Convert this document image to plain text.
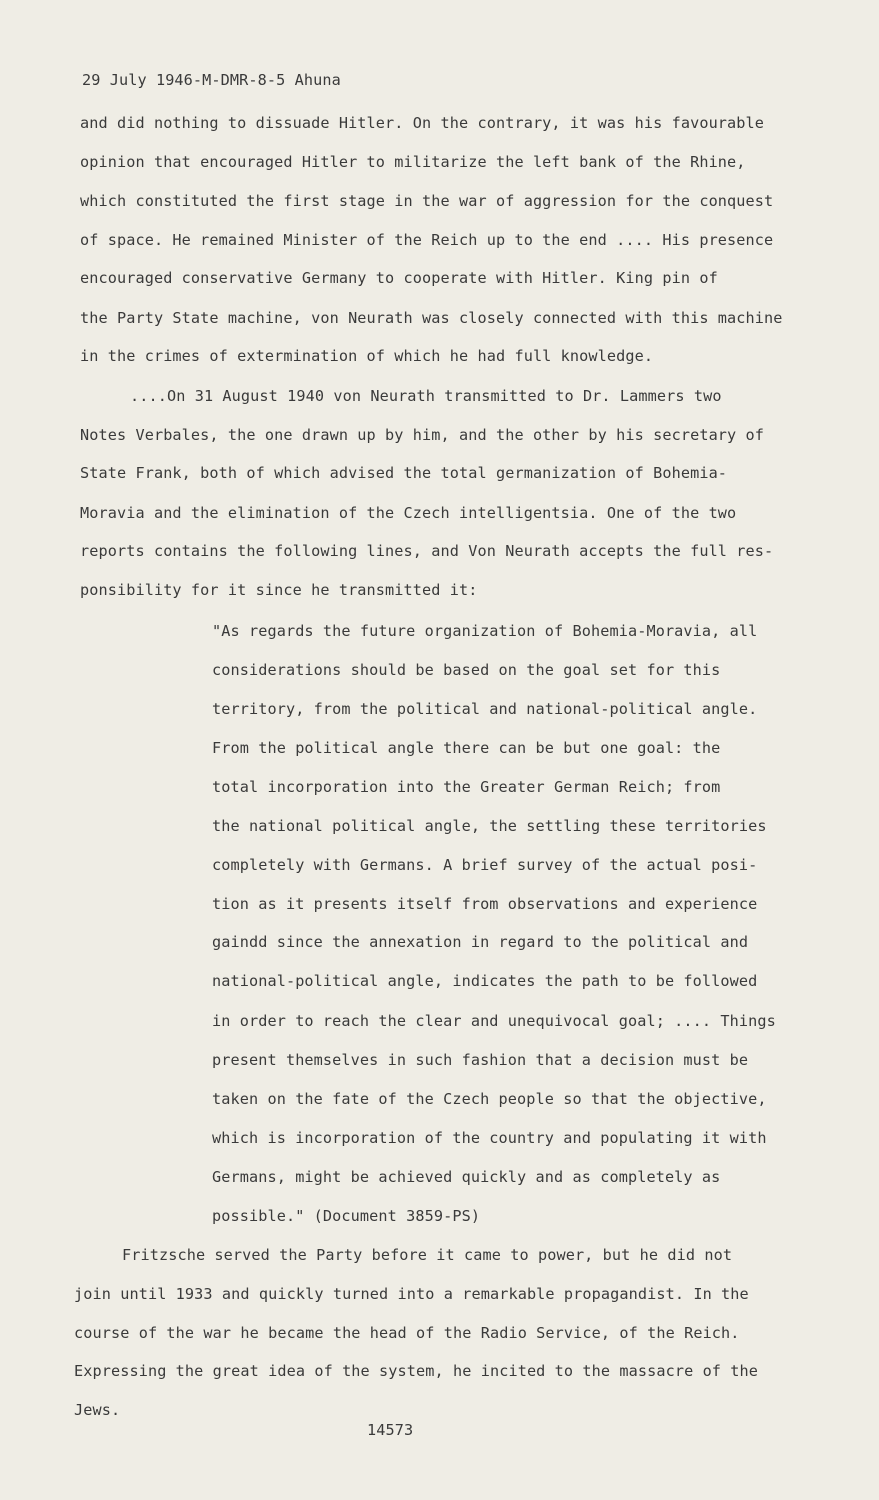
29 July 1946-M-DMR-8-5 Ahuna
and did nothing to dissuade Hitler. On the contrary, it was his favourable
opinion that encouraged Hitler to militarize the left bank of the Rhine,
which constituted the first stage in the war of aggression for the conquest
of space. He remained Minister of the Reich up to the end .... His presence
encouraged conservative Germany to cooperate with Hitler. King pin of
the Party State machine, von Neurath was closely connected with this machine
in the crimes of extermination of which he had full knowledge.
....On 31 August 1940 von Neurath transmitted to Dr. Lammers two
Notes Verbales, the one drawn up by him, and the other by his secretary of
State Frank, both of which advised the total germanization of Bohemia-
Moravia and the elimination of the Czech intelligentsia. One of the two
reports contains the following lines, and Von Neurath accepts the full res-
ponsibility for it since he transmitted it:
"As regards the future organization of Bohemia-Moravia, all
considerations should be based on the goal set for this
territory, from the political and national-political angle.
From the political angle there can be but one goal: the
total incorporation into the Greater German Reich; from
the national political angle, the settling these territories
completely with Germans. A brief survey of the actual posi-
tion as it presents itself from observations and experience
gaindd since the annexation in regard to the political and
national-political angle, indicates the path to be followed
in order to reach the clear and unequivocal goal; .... Things
present themselves in such fashion that a decision must be
taken on the fate of the Czech people so that the objective,
which is incorporation of the country and populating it with
Germans, might be achieved quickly and as completely as
possible." (Document 3859-PS)
Fritzsche served the Party before it came to power, but he did not
join until 1933 and quickly turned into a remarkable propagandist. In the
course of the war he became the head of the Radio Service, of the Reich.
Expressing the great idea of the system, he incited to the massacre of the
Jews.
14573
